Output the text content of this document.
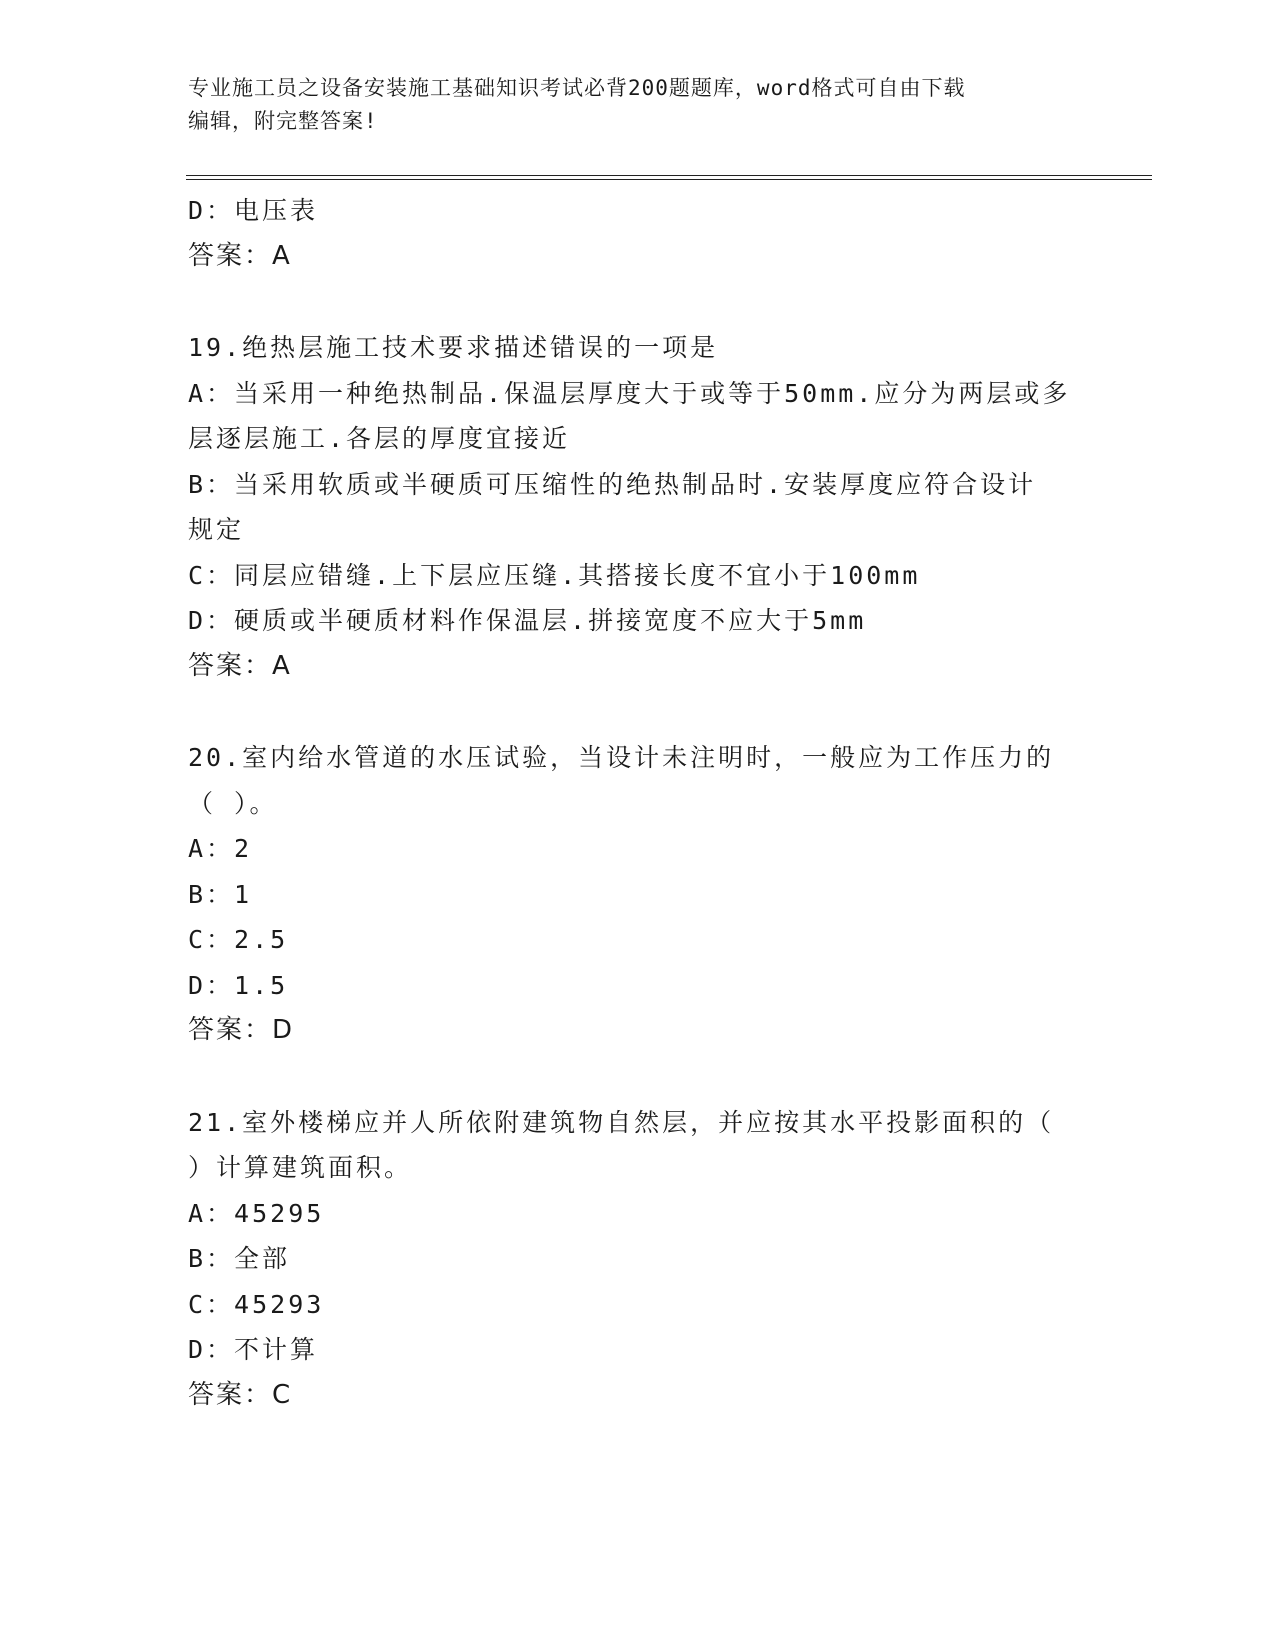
专业施工员之设备安装施工基础知识考试必背200题题库，word格式可自由下载
编辑，附完整答案!
D：电压表
答案：A
19.绝热层施工技术要求描述错误的一项是
A：当采用一种绝热制品.保温层厚度大于或等于50mm.应分为两层或多
层逐层施工.各层的厚度宜接近
B：当采用软质或半硬质可压缩性的绝热制品时.安装厚度应符合设计
规定
C：同层应错缝.上下层应压缝.其搭接长度不宜小于100mm
D：硬质或半硬质材料作保温层.拼接宽度不应大于5mm
答案：A
20.室内给水管道的水压试验，当设计未注明时，一般应为工作压力的
（ ）。
A：2
B：1
C：2.5
D：1.5
答案：D
21.室外楼梯应并人所依附建筑物自然层，并应按其水平投影面积的（
）计算建筑面积。
A：45295
B：全部
C：45293
D：不计算
答案：C
